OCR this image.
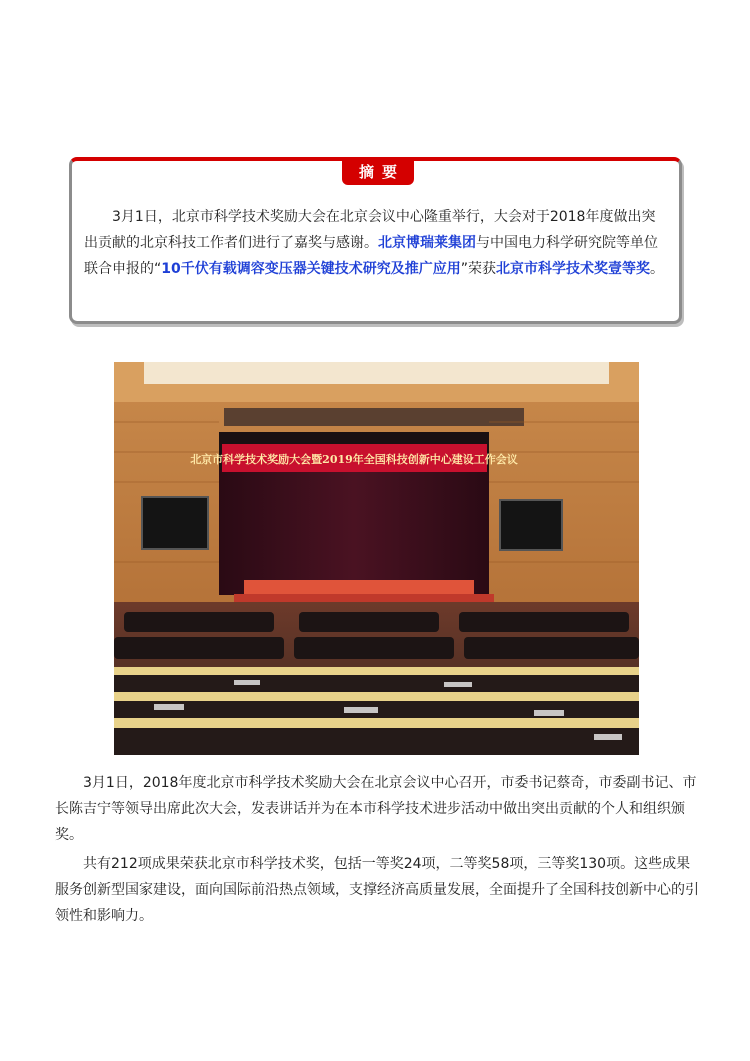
摘要
3月1日，北京市科学技术奖励大会在北京会议中心隆重举行，大会对于2018年度做出突出贡献的北京科技工作者们进行了嘉奖与感谢。北京博瑞莱集团与中国电力科学研究院等单位联合申报的“10千伏有载调容变压器关键技术研究及推广应用”荣获北京市科学技术奖壹等奖。
北京市科学技术奖励大会暨2019年全国科技创新中心建设工作会议

3月1日，2018年度北京市科学技术奖励大会在北京会议中心召开，市委书记蔡奇，市委副书记、市长陈吉宁等领导出席此次大会，发表讲话并为在本市科学技术进步活动中做出突出贡献的个人和组织颁奖。

共有212项成果荣获北京市科学技术奖，包括一等奖24项，二等奖58项，三等奖130项。这些成果服务创新型国家建设，面向国际前沿热点领域，支撑经济高质量发展，全面提升了全国科技创新中心的引领性和影响力。
